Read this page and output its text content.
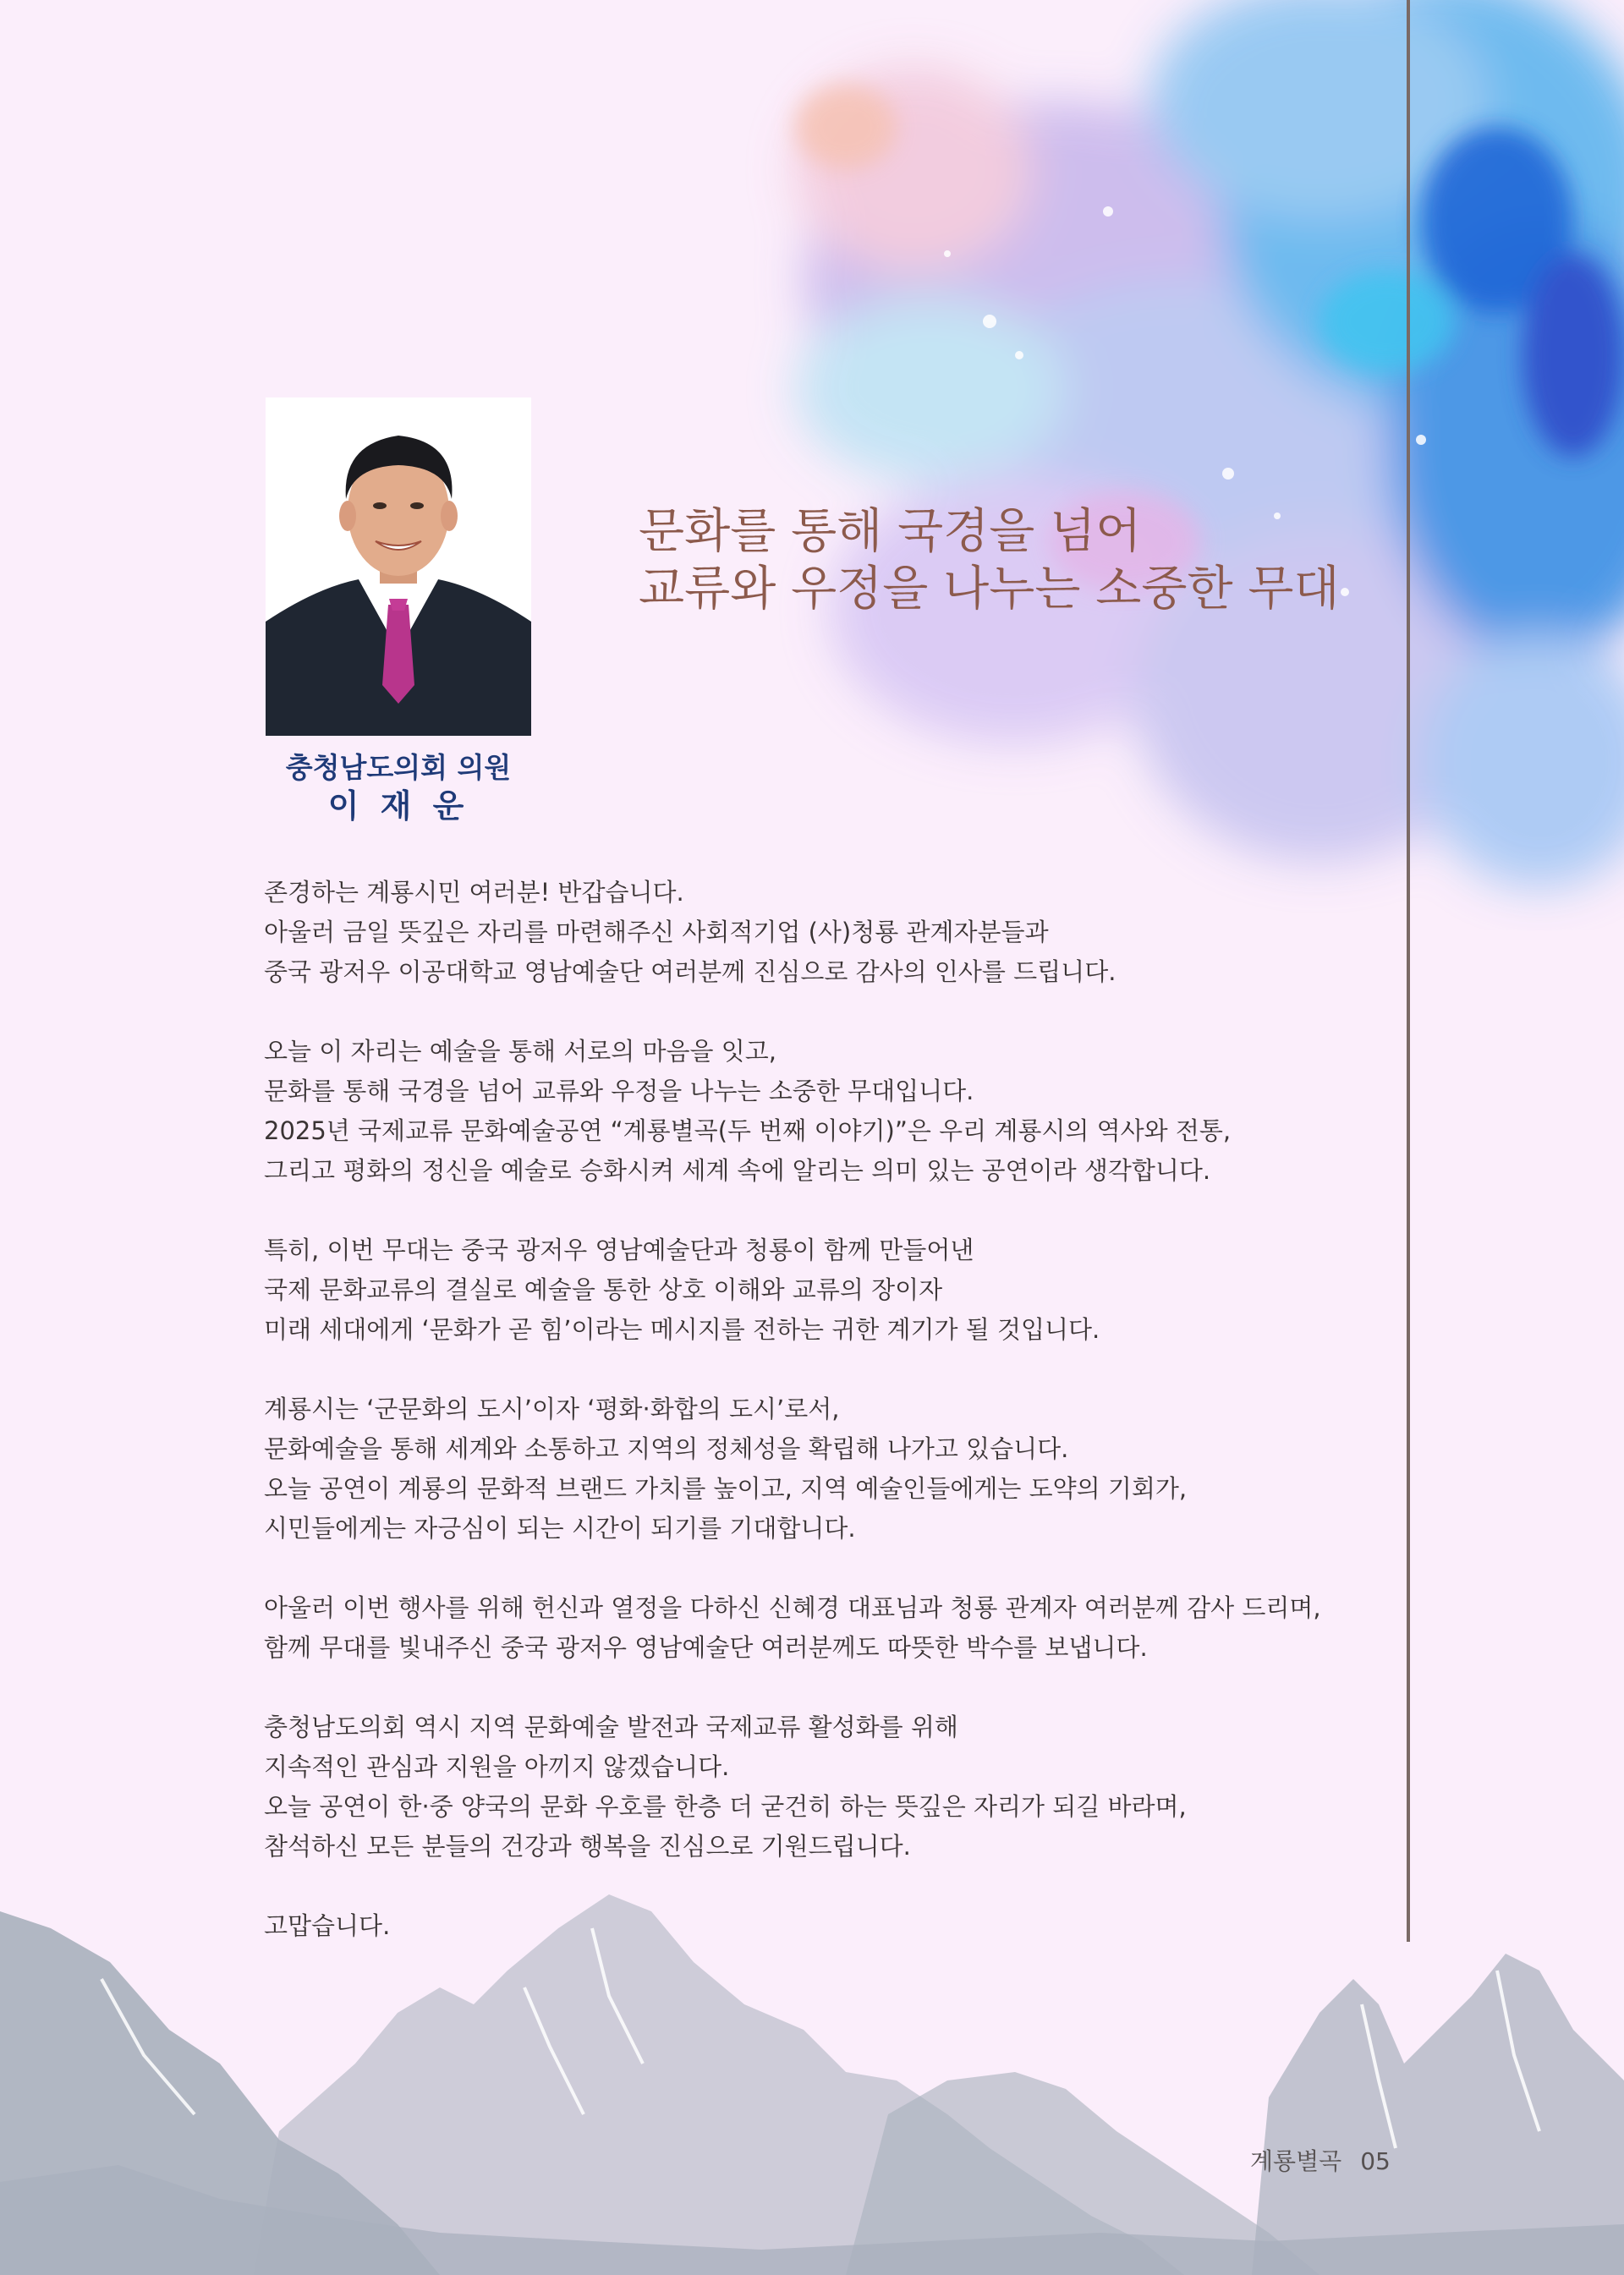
문화를 통해 국경을 넘어
교류와 우정을 나누는 소중한 무대
충청남도의회 의원
이 재 운
존경하는 계룡시민 여러분! 반갑습니다.
아울러 금일 뜻깊은 자리를 마련해주신 사회적기업 (사)청룡 관계자분들과
중국 광저우 이공대학교 영남예술단 여러분께 진심으로 감사의 인사를 드립니다.
오늘 이 자리는 예술을 통해 서로의 마음을 잇고,
문화를 통해 국경을 넘어 교류와 우정을 나누는 소중한 무대입니다.
2025년 국제교류 문화예술공연 “계룡별곡(두 번째 이야기)”은 우리 계룡시의 역사와 전통,
그리고 평화의 정신을 예술로 승화시켜 세계 속에 알리는 의미 있는 공연이라 생각합니다.
특히, 이번 무대는 중국 광저우 영남예술단과 청룡이 함께 만들어낸
국제 문화교류의 결실로 예술을 통한 상호 이해와 교류의 장이자
미래 세대에게 ‘문화가 곧 힘’이라는 메시지를 전하는 귀한 계기가 될 것입니다.
계룡시는 ‘군문화의 도시’이자 ‘평화·화합의 도시’로서,
문화예술을 통해 세계와 소통하고 지역의 정체성을 확립해 나가고 있습니다.
오늘 공연이 계룡의 문화적 브랜드 가치를 높이고, 지역 예술인들에게는 도약의 기회가,
시민들에게는 자긍심이 되는 시간이 되기를 기대합니다.
아울러 이번 행사를 위해 헌신과 열정을 다하신 신혜경 대표님과 청룡 관계자 여러분께 감사 드리며,
함께 무대를 빛내주신 중국 광저우 영남예술단 여러분께도 따뜻한 박수를 보냅니다.
충청남도의회 역시 지역 문화예술 발전과 국제교류 활성화를 위해
지속적인 관심과 지원을 아끼지 않겠습니다.
오늘 공연이 한·중 양국의 문화 우호를 한층 더 굳건히 하는 뜻깊은 자리가 되길 바라며,
참석하신 모든 분들의 건강과 행복을 진심으로 기원드립니다.
고맙습니다.
계룡별곡 05
